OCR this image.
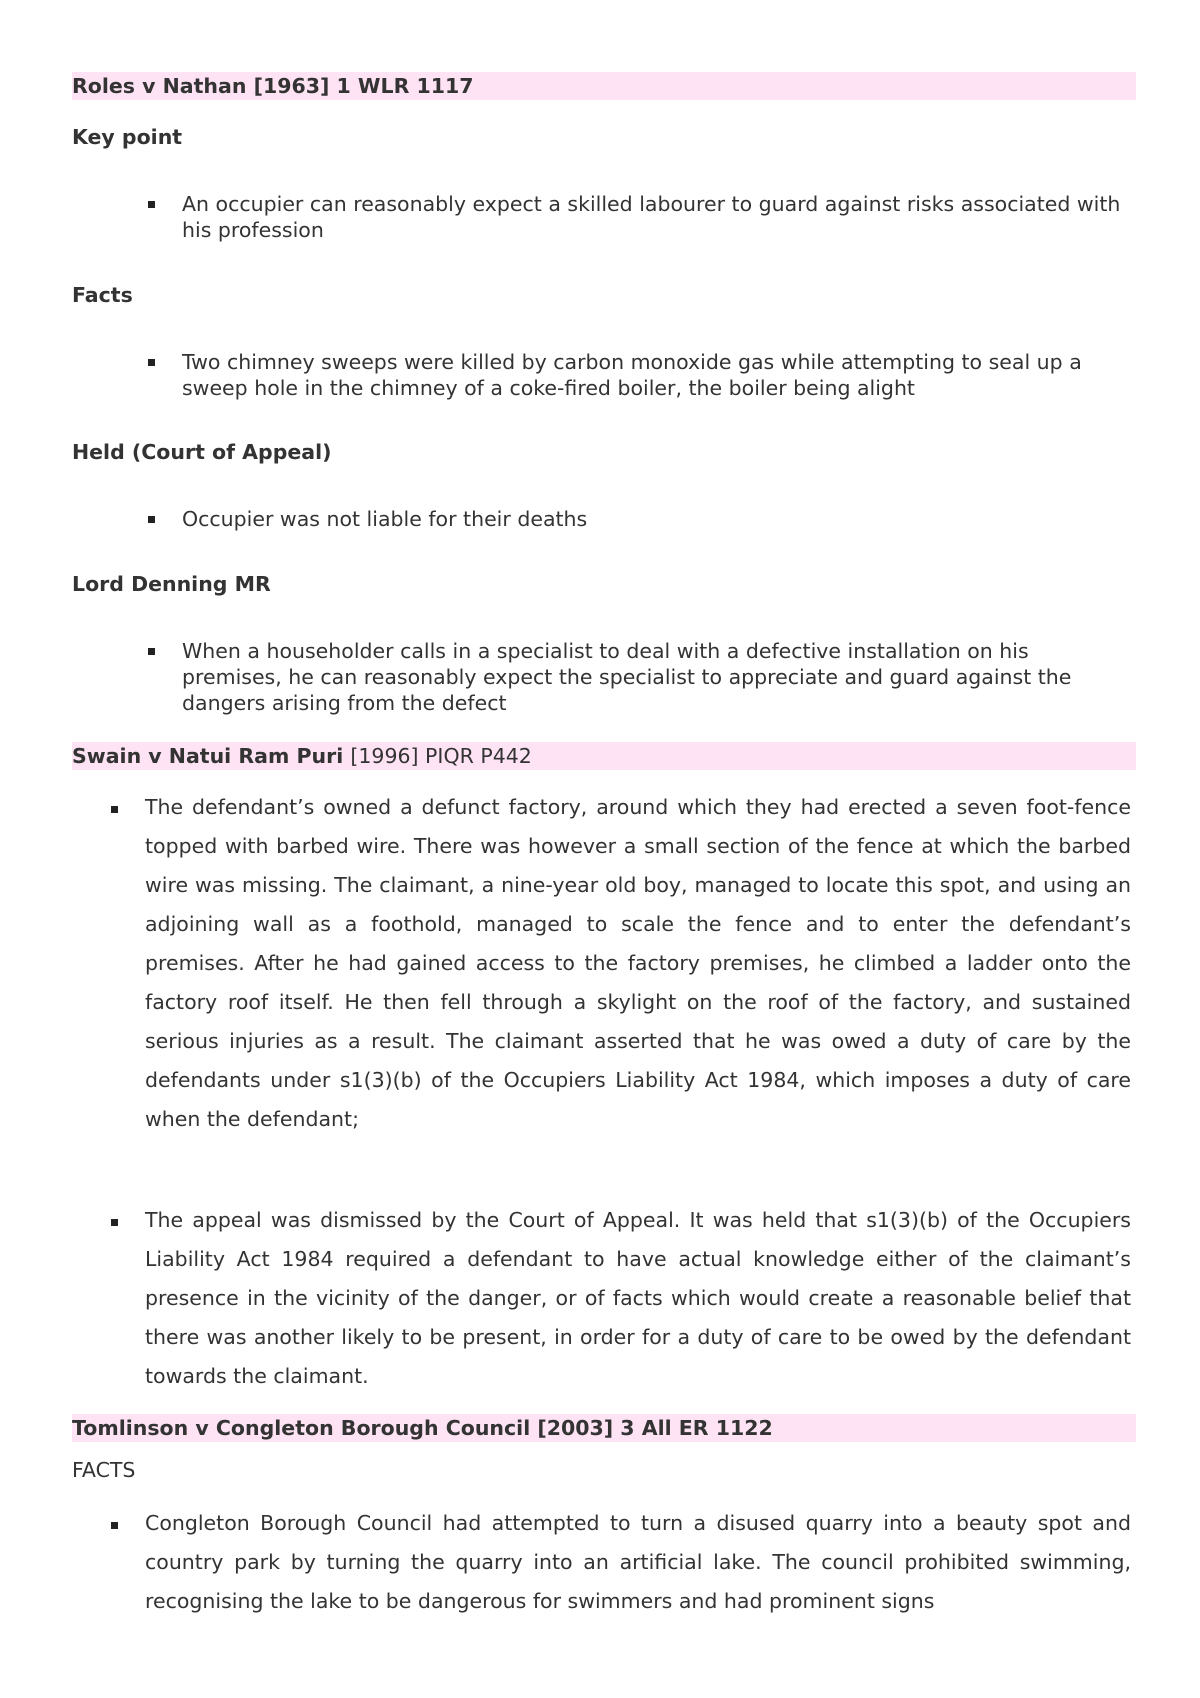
Roles v Nathan [1963] 1 WLR 1117
Key point
An occupier can reasonably expect a skilled labourer to guard against risks associated with his profession
Facts
Two chimney sweeps were killed by carbon monoxide gas while attempting to seal up a sweep hole in the chimney of a coke-fired boiler, the boiler being alight
Held (Court of Appeal)
Occupier was not liable for their deaths
Lord Denning MR
When a householder calls in a specialist to deal with a defective installation on his premises, he can reasonably expect the specialist to appreciate and guard against the dangers arising from the defect
Swain v Natui Ram Puri [1996] PIQR P442
The defendant’s owned a defunct factory, around which they had erected a seven foot-fence topped with barbed wire. There was however a small section of the fence at which the barbed wire was missing. The claimant, a nine-year old boy, managed to locate this spot, and using an adjoining wall as a foothold, managed to scale the fence and to enter the defendant’s premises. After he had gained access to the factory premises, he climbed a ladder onto the factory roof itself. He then fell through a skylight on the roof of the factory, and sustained serious injuries as a result. The claimant asserted that he was owed a duty of care by the defendants under s1(3)(b) of the Occupiers Liability Act 1984, which imposes a duty of care when the defendant;
The appeal was dismissed by the Court of Appeal. It was held that s1(3)(b) of the Occupiers Liability Act 1984 required a defendant to have actual knowledge either of the claimant’s presence in the vicinity of the danger, or of facts which would create a reasonable belief that there was another likely to be present, in order for a duty of care to be owed by the defendant towards the claimant.
Tomlinson v Congleton Borough Council [2003] 3 All ER 1122
FACTS
Congleton Borough Council had attempted to turn a disused quarry into a beauty spot and country park by turning the quarry into an artificial lake. The council prohibited swimming, recognising the lake to be dangerous for swimmers and had prominent signs
